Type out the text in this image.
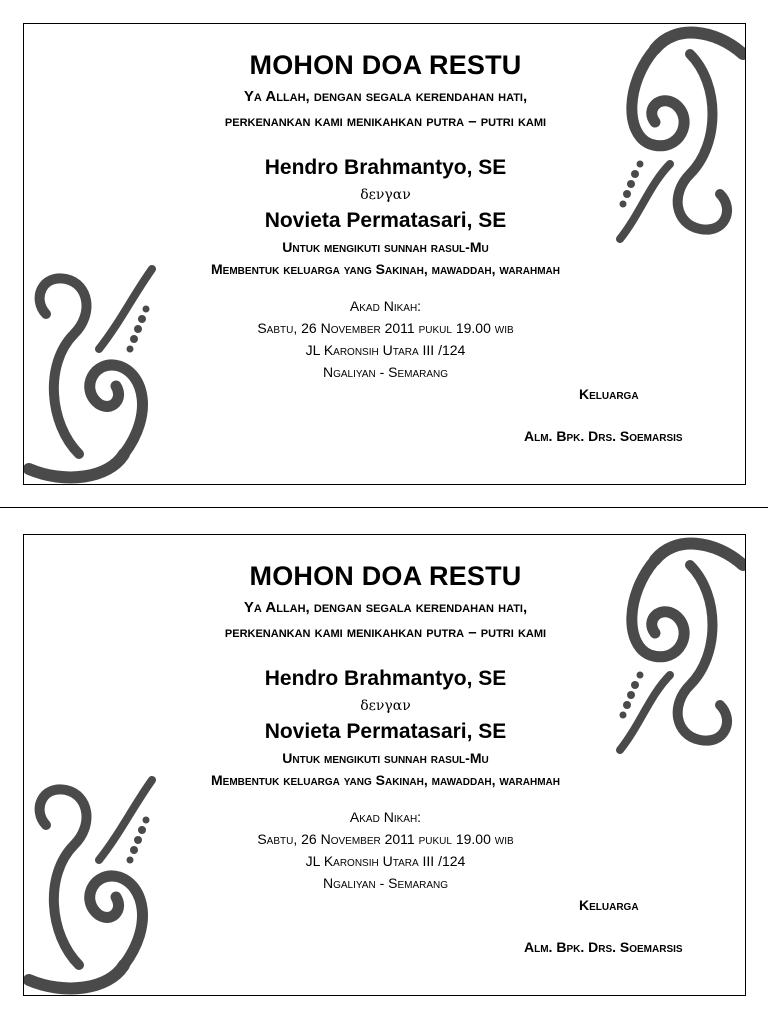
MOHON DOA RESTU
Ya Allah, dengan segala kerendahan hati,
perkenankan kami menikahkan putra – putri kami
Hendro Brahmantyo, SE
δενγαν
Novieta Permatasari, SE
Untuk mengikuti sunnah rasul-Mu
Membentuk keluarga yang Sakinah, mawaddah, warahmah
Akad Nikah:
Sabtu, 26 November 2011 pukul 19.00 wib
JL Karonsih Utara III /124
Ngaliyan - Semarang
Keluarga
Alm. Bpk. Drs. Soemarsis
MOHON DOA RESTU
Ya Allah, dengan segala kerendahan hati,
perkenankan kami menikahkan putra – putri kami
Hendro Brahmantyo, SE
δενγαν
Novieta Permatasari, SE
Untuk mengikuti sunnah rasul-Mu
Membentuk keluarga yang Sakinah, mawaddah, warahmah
Akad Nikah:
Sabtu, 26 November 2011 pukul 19.00 wib
JL Karonsih Utara III /124
Ngaliyan - Semarang
Keluarga
Alm. Bpk. Drs. Soemarsis
